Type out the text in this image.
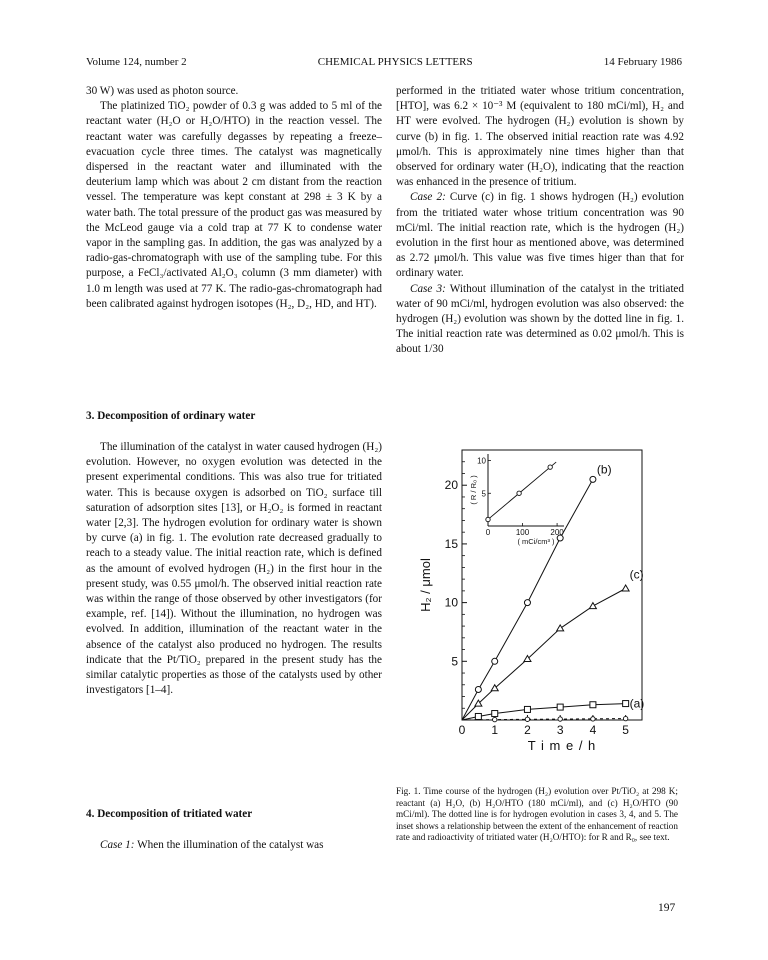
Volume 124, number 2	CHEMICAL PHYSICS LETTERS	14 February 1986

30 W) was used as photon source.

The platinized TiO₂ powder of 0.3 g was added to 5 ml of the reactant water (H₂O or H₂O/HTO) in the reaction vessel. The reactant water was carefully degasses by repeating a freeze–evacuation cycle three times. The catalyst was magnetically dispersed in the reactant water and illuminated with the deuterium lamp which was about 2 cm distant from the reaction vessel. The temperature was kept constant at 298 ± 3 K by a water bath. The total pressure of the product gas was measured by the McLeod gauge via a cold trap at 77 K to condense water vapor in the sampling gas. In addition, the gas was analyzed by a radio-gas-chromatograph with use of the sampling tube. For this purpose, a FeCl₃/activated Al₂O₃ column (3 mm diameter) with 1.0 m length was used at 77 K. The radio-gas-chromatograph had been calibrated against hydrogen isotopes (H₂, D₂, HD, and HT).

3. Decomposition of ordinary water

The illumination of the catalyst in water caused hydrogen (H₂) evolution. However, no oxygen evolution was detected in the present experimental conditions. This was also true for tritiated water. This is because oxygen is adsorbed on TiO₂ surface till saturation of adsorption sites [13], or H₂O₂ is formed in reactant water [2,3]. The hydrogen evolution for ordinary water is shown by curve (a) in fig. 1. The evolution rate decreased gradually to reach to a steady value. The initial reaction rate, which is defined as the amount of evolved hydrogen (H₂) in the first hour in the present study, was 0.55 μmol/h. The observed initial reaction rate was within the range of those observed by other investigators (for example, ref. [14]). Without the illumination, no hydrogen was evolved. In addition, illumination of the reactant water in the absence of the catalyst also produced no hydrogen. The results indicate that the Pt/TiO₂ prepared in the present study has the similar catalytic properties as those of the catalysts used by other investigators [1–4].

4. Decomposition of tritiated water

Case 1: When the illumination of the catalyst was

performed in the tritiated water whose tritium concentration, [HTO], was 6.2 × 10⁻³ M (equivalent to 180 mCi/ml), H₂ and HT were evolved. The hydrogen (H₂) evolution is shown by curve (b) in fig. 1. The observed initial reaction rate was 4.92 μmol/h. This is approximately nine times higher than that observed for ordinary water (H₂O), indicating that the reaction was enhanced in the presence of tritium.

Case 2: Curve (c) in fig. 1 shows hydrogen (H₂) evolution from the tritiated water whose tritium concentration was 90 mCi/ml. The initial reaction rate, which is the hydrogen (H₂) evolution in the first hour as mentioned above, was determined as 2.72 μmol/h. This value was five times higer than that for ordinary water.

Case 3: Without illumination of the catalyst in the tritiated water of 90 mCi/ml, hydrogen evolution was also observed: the hydrogen (H₂) evolution was shown by the dotted line in fig. 1. The initial reaction rate was determined as 0.02 μmol/h. This is about 1/30

0 1 2 3 4 5
5
10
15
20
T i m e / h
H₂ / μmol
(b)
(c)
(a)
0	100	200
5
10
( mCi/cm³ )
( R / R₀ )
Fig. 1. Time course of the hydrogen (H₂) evolution over Pt/TiO₂ at 298 K; reactant (a) H₂O, (b) H₂O/HTO (180 mCi/ml), and (c) H₂O/HTO (90 mCi/ml). The dotted line is for hydrogen evolution in cases 3, 4, and 5. The inset shows a relationship between the extent of the enhancement of reaction rate and radioactivity of tritiated water (H₂O/HTO): for R and R₀, see text.
197
